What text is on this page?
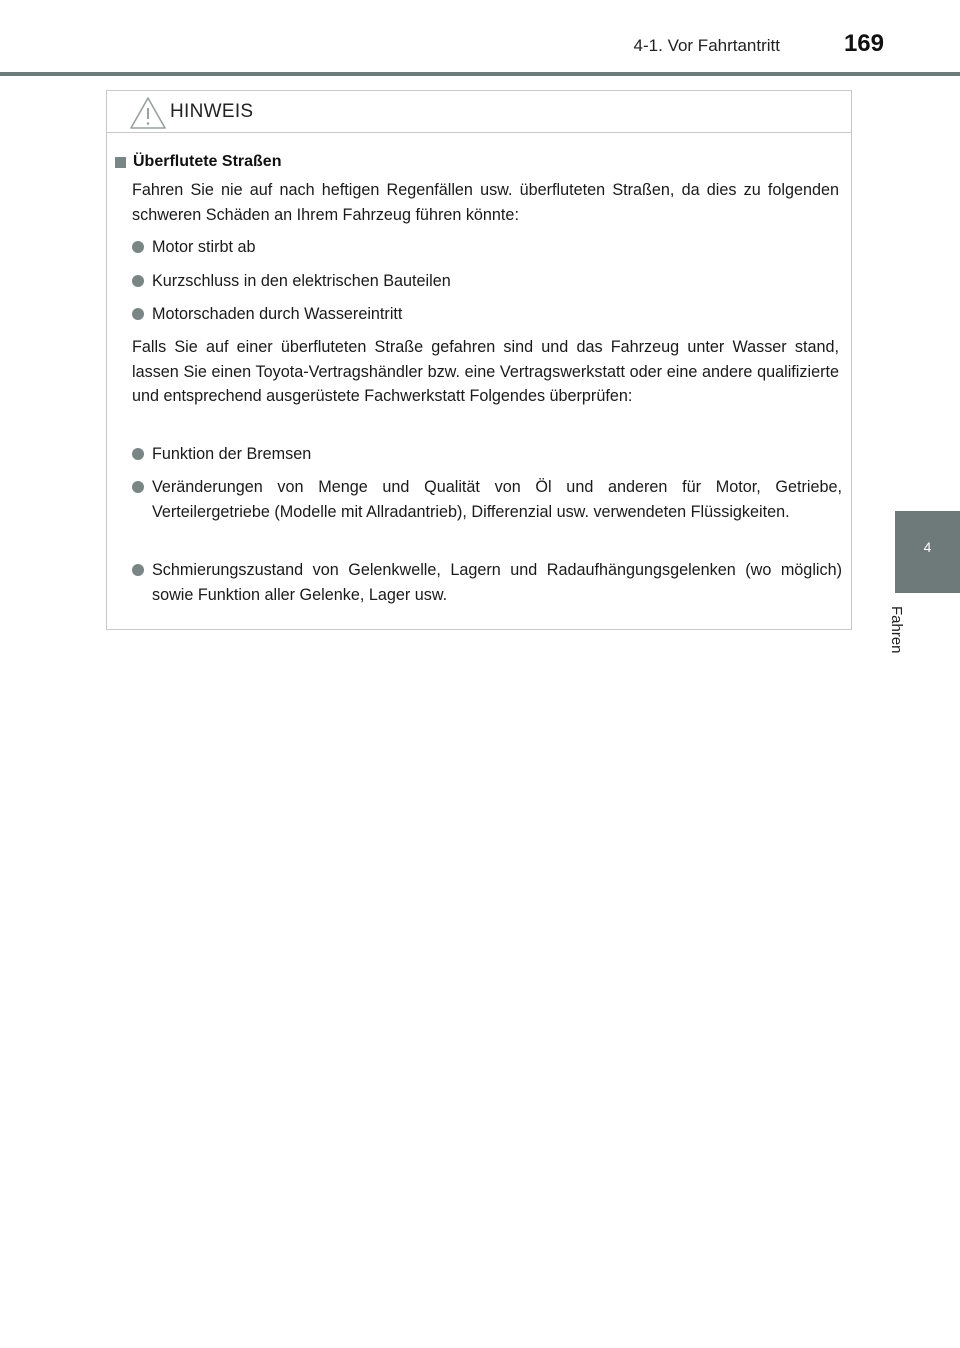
4-1. Vor Fahrtantritt	169
4
Fahren
HINWEIS
Überflutete Straßen
Fahren Sie nie auf nach heftigen Regenfällen usw. überfluteten Straßen, da dies zu folgenden schweren Schäden an Ihrem Fahrzeug führen könnte:
Motor stirbt ab
Kurzschluss in den elektrischen Bauteilen
Motorschaden durch Wassereintritt
Falls Sie auf einer überfluteten Straße gefahren sind und das Fahrzeug unter Wasser stand, lassen Sie einen Toyota-Vertragshändler bzw. eine Vertragswerkstatt oder eine andere qualifizierte und entsprechend ausgerüstete Fachwerkstatt Folgendes überprüfen:
Funktion der Bremsen
Veränderungen von Menge und Qualität von Öl und anderen für Motor, Getriebe, Verteilergetriebe (Modelle mit Allradantrieb), Differenzial usw. verwendeten Flüssigkeiten.
Schmierungszustand von Gelenkwelle, Lagern und Radaufhängungsgelenken (wo möglich) sowie Funktion aller Gelenke, Lager usw.
